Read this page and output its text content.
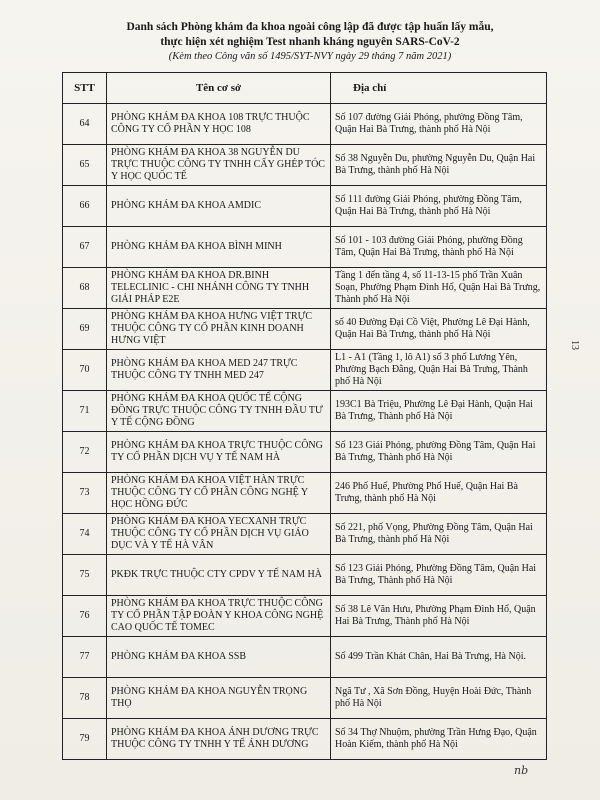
Danh sách Phòng khám đa khoa ngoài công lập đã được tập huấn lấy mẫu,

thực hiện xét nghiệm Test nhanh kháng nguyên SARS-CoV-2

(Kèm theo Công văn số 1495/SYT-NVY ngày 29 tháng 7 năm 2021)

STT	Tên cơ sở	Địa chỉ
64	PHÒNG KHÁM ĐA KHOA 108 TRỰC THUỘC CÔNG TY CỔ PHẦN Y HỌC 108	Số 107 đường Giải Phóng, phường Đồng Tâm, Quận Hai Bà Trưng, thành phố Hà Nội
65	PHÒNG KHÁM ĐA KHOA 38 NGUYỄN DU TRỰC THUỘC CÔNG TY TNHH CẤY GHÉP TÓC Y HỌC QUỐC TẾ	Số 38 Nguyễn Du, phường Nguyễn Du, Quận Hai Bà Trưng, thành phố Hà Nội
66	PHÒNG KHÁM ĐA KHOA AMDIC	Số 111 đường Giải Phóng, phường Đồng Tâm, Quận Hai Bà Trưng, thành phố Hà Nội
67	PHÒNG KHÁM ĐA KHOA BÌNH MINH	Số 101 - 103 đường Giải Phóng, phường Đồng Tâm, Quận Hai Bà Trưng, thành phố Hà Nội
68	PHÒNG KHÁM ĐA KHOA DR.BINH TELECLINIC - CHI NHÁNH CÔNG TY TNHH GIẢI PHÁP E2E	Tầng 1 đến tầng 4, số 11-13-15 phố Trần Xuân Soạn, Phường Phạm Đình Hổ, Quận Hai Bà Trưng, Thành phố Hà Nội
69	PHÒNG KHÁM ĐA KHOA HƯNG VIỆT TRỰC THUỘC CÔNG TY CỔ PHẦN KINH DOANH HƯNG VIỆT	số 40 Đường Đại Cồ Việt, Phường Lê Đại Hành, Quận Hai Bà Trưng, thành phố Hà Nội
70	PHÒNG KHÁM ĐA KHOA MED 247 TRỰC THUỘC CÔNG TY TNHH MED 247	L1 - A1 (Tầng 1, lô A1) số 3 phố Lương Yên, Phường Bạch Đằng, Quận Hai Bà Trưng, Thành phố Hà Nội
71	PHÒNG KHÁM ĐA KHOA QUỐC TẾ CỘNG ĐỒNG TRỰC THUỘC CÔNG TY TNHH ĐẦU TƯ Y TẾ CỘNG ĐỒNG	193C1 Bà Triệu, Phường Lê Đại Hành, Quận Hai Bà Trưng, Thành phố Hà Nội
72	PHÒNG KHÁM ĐA KHOA TRỰC THUỘC CÔNG TY CỔ PHẦN DỊCH VỤ Y TẾ NAM HÀ	Số 123 Giải Phóng, phường Đồng Tâm, Quận Hai Bà Trưng, Thành phố Hà Nội
73	PHÒNG KHÁM ĐA KHOA VIỆT HÀN TRỰC THUỘC CÔNG TY CỔ PHẦN CÔNG NGHỆ Y HỌC HỒNG ĐỨC	246 Phố Huế, Phường Phố Huế, Quận Hai Bà Trưng, thành phố Hà Nội
74	PHÒNG KHÁM ĐA KHOA YECXANH TRỰC THUỘC CÔNG TY CỔ PHẦN DỊCH VỤ GIÁO DỤC VÀ Y TẾ HÀ VÂN	Số 221, phố Vọng, Phường Đồng Tâm, Quận Hai Bà Trưng, thành phố Hà Nội
75	PKĐK TRỰC THUỘC CTY CPDV Y TẾ NAM HÀ	Số 123 Giải Phóng, Phường Đồng Tâm, Quận Hai Bà Trưng, Thành phố Hà Nội
76	PHÒNG KHÁM ĐA KHOA TRỰC THUỘC CÔNG TY CỔ PHẦN TẬP ĐOÀN Y KHOA CÔNG NGHỆ CAO QUỐC TẾ TOMEC	Số 38 Lê Văn Hưu, Phường Phạm Đình Hổ, Quận Hai Bà Trưng, Thành phố Hà Nội
77	PHÒNG KHÁM ĐA KHOA SSB	Số 499 Trần Khát Chân, Hai Bà Trưng, Hà Nội.
78	PHÒNG KHÁM ĐA KHOA NGUYỄN TRỌNG THỌ	Ngã Tư , Xã Sơn Đồng, Huyện Hoài Đức, Thành phố Hà Nội
79	PHÒNG KHÁM ĐA KHOA ÁNH DƯƠNG TRỰC THUỘC CÔNG TY TNHH Y TẾ ÁNH DƯƠNG	Số 34 Thợ Nhuộm, phường Trần Hưng Đạo, Quận Hoàn Kiếm, thành phố Hà Nội
13
nb
